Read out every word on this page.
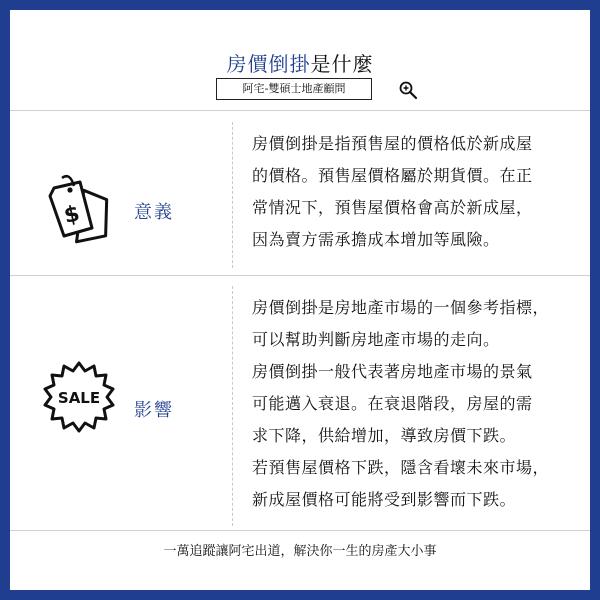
房價倒掛是什麼
阿宅-雙碩士地產顧問
$	意義
房價倒掛是指預售屋的價格低於新成屋
的價格。預售屋價格屬於期貨價。在正
常情況下，預售屋價格會高於新成屋，
因為賣方需承擔成本增加等風險。
SALE
影響
房價倒掛是房地產市場的一個參考指標，
可以幫助判斷房地產市場的走向。
房價倒掛一般代表著房地產市場的景氣
可能邁入衰退。在衰退階段，房屋的需
求下降，供給增加，導致房價下跌。
若預售屋價格下跌，隱含看壞未來市場，
新成屋價格可能將受到影響而下跌。
一萬追蹤讓阿宅出道，解決你一生的房產大小事
